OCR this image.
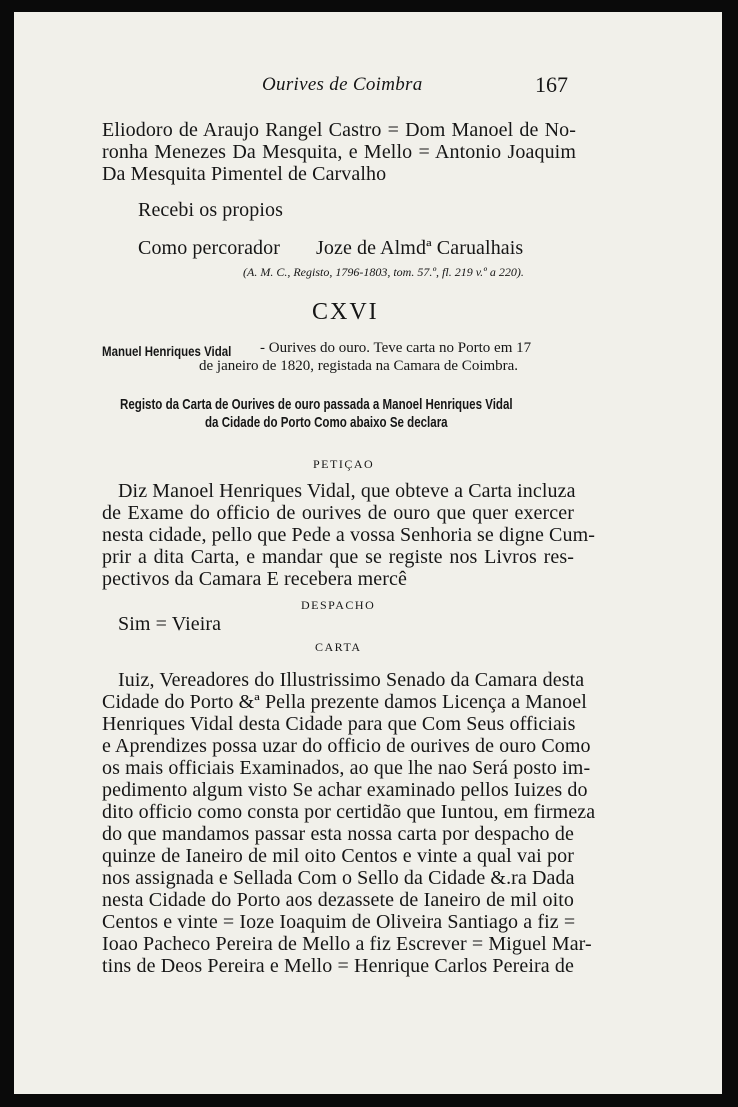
Ourives de Coimbra	167
Eliodoro de Araujo Rangel Castro = Dom Manoel de No-
ronha Menezes Da Mesquita, e Mello = Antonio Joaquim
Da Mesquita Pimentel de Carvalho
Recebi os propios
Como percorador Joze de Almdª Carualhais
(A. M. C., Registo, 1796-1803, tom. 57.º, fl. 219 v.º a 220).
CXVI
Manuel Henriques Vidal - Ourives do ouro. Teve carta no Porto em 17
de janeiro de 1820, registada na Camara de Coimbra.
Registo da Carta de Ourives de ouro passada a Manoel Henriques Vidal
da Cidade do Porto Como abaixo Se declara
PETIÇAO
Diz Manoel Henriques Vidal, que obteve a Carta incluza
de Exame do officio de ourives de ouro que quer exercer
nesta cidade, pello que Pede a vossa Senhoria se digne Cum-
prir a dita Carta, e mandar que se registe nos Livros res-
pectivos da Camara E recebera mercê
DESPACHO
Sim = Vieira
CARTA
Iuiz, Vereadores do Illustrissimo Senado da Camara desta
Cidade do Porto &ª Pella prezente damos Licença a Manoel
Henriques Vidal desta Cidade para que Com Seus officiais
e Aprendizes possa uzar do officio de ourives de ouro Como
os mais officiais Examinados, ao que lhe nao Será posto im-
pedimento algum visto Se achar examinado pellos Iuizes do
dito officio como consta por certidão que Iuntou, em firmeza
do que mandamos passar esta nossa carta por despacho de
quinze de Ianeiro de mil oito Centos e vinte a qual vai por
nos assignada e Sellada Com o Sello da Cidade &.ra Dada
nesta Cidade do Porto aos dezassete de Ianeiro de mil oito
Centos e vinte = Ioze Ioaquim de Oliveira Santiago a fiz =
Ioao Pacheco Pereira de Mello a fiz Escrever = Miguel Mar-
tins de Deos Pereira e Mello = Henrique Carlos Pereira de
